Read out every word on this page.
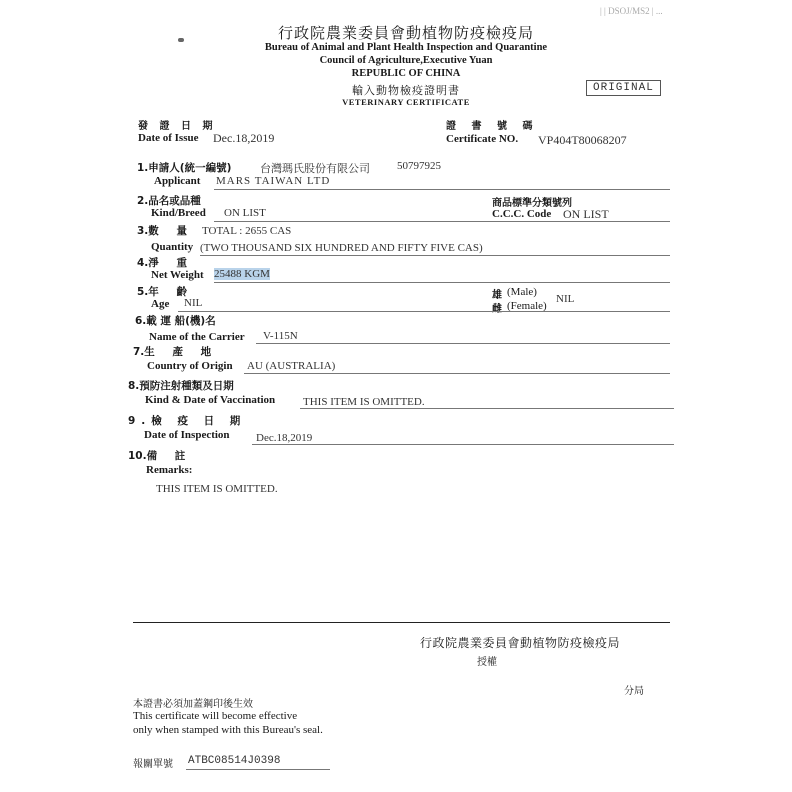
| | DSOJ/MS2 | ...
行政院農業委員會動植物防疫檢疫局
Bureau of Animal and Plant Health Inspection and Quarantine
Council of Agriculture,Executive Yuan
REPUBLIC OF CHINA
輸入動物檢疫證明書
VETERINARY CERTIFICATE
ORIGINAL
發 證 日 期
Date of Issue Dec.18,2019
證 書 號 碼
Certificate NO. VP404T80068207
1.申請人(統一編號)	台灣瑪氏股份有限公司 50797925
Applicant MARS TAIWAN LTD
2.品名或品種
Kind/Breed ON LIST
商品標準分類號列
C.C.C. Code ON LIST
3.數 量 TOTAL : 2655 CAS
Quantity (TWO THOUSAND SIX HUNDRED AND FIFTY FIVE CAS)
4.淨 重
Net Weight 25488 KGM
5.年 齡
Age NIL
雄 (Male)
雌 (Female)
NIL
6.載 運 船(機)名
Name of the Carrier V-115N
7.生 產 地
Country of Origin AU (AUSTRALIA)
8.預防注射種類及日期
Kind & Date of Vaccination	THIS ITEM IS OMITTED.
9.檢 疫 日 期
Date of Inspection Dec.18,2019
10.備 註
Remarks:
THIS ITEM IS OMITTED.
行政院農業委員會動植物防疫檢疫局
授權
分局
本證書必須加蓋鋼印後生效
This certificate will become effective
only when stamped with this Bureau's seal.
報關單號 ATBC08514J0398
